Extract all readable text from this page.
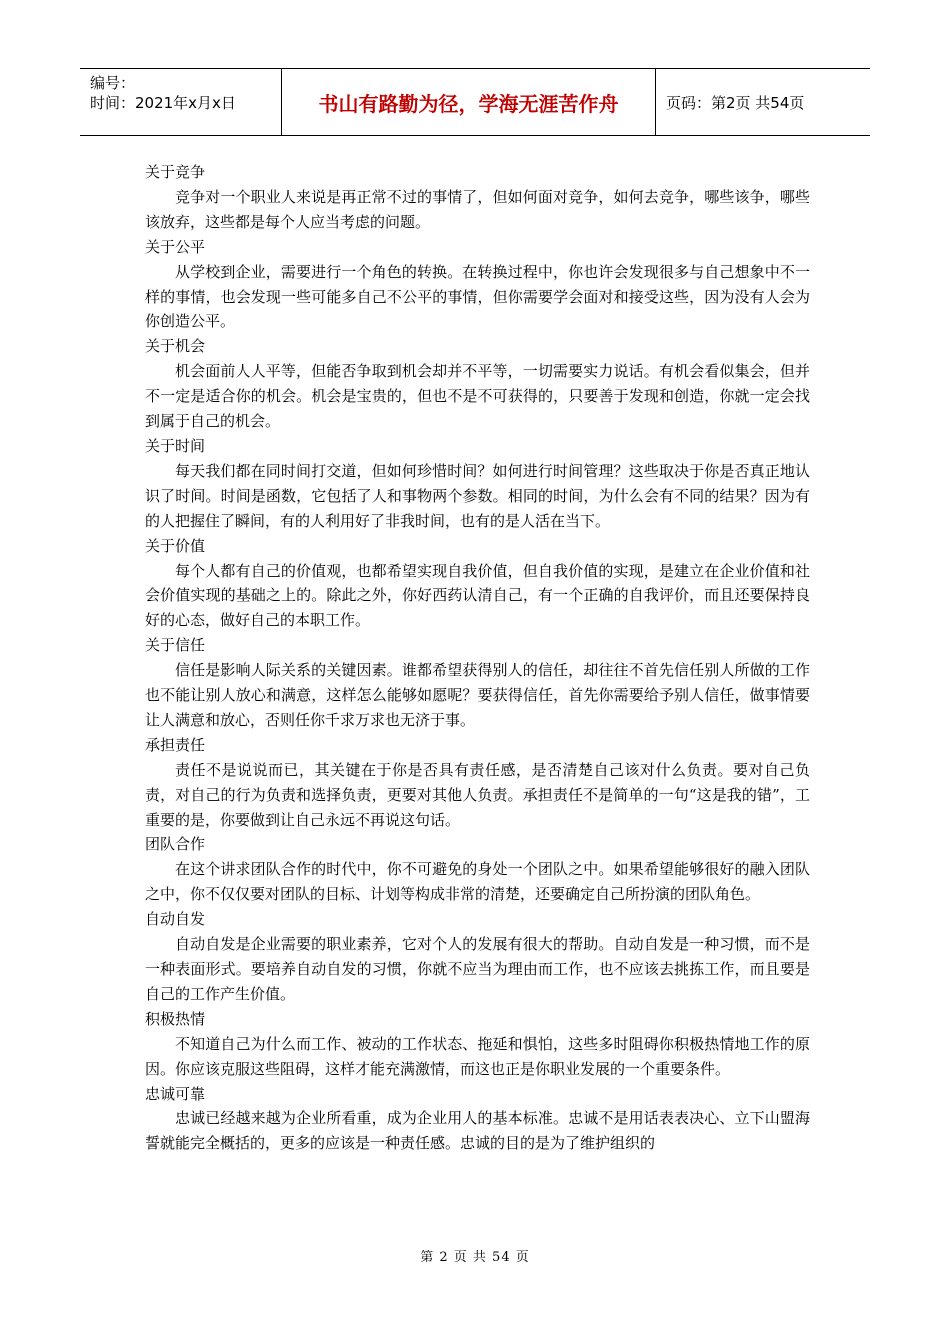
编号：
时间：2021年x月x日	书山有路勤为径，学海无涯苦作舟	页码：第2页 共54页

关于竞争

竞争对一个职业人来说是再正常不过的事情了，但如何面对竞争，如何去竞争，哪些该争，哪些该放弃，这些都是每个人应当考虑的问题。

关于公平

从学校到企业，需要进行一个角色的转换。在转换过程中，你也许会发现很多与自己想象中不一样的事情，也会发现一些可能多自己不公平的事情，但你需要学会面对和接受这些，因为没有人会为你创造公平。

关于机会

机会面前人人平等，但能否争取到机会却并不平等，一切需要实力说话。有机会看似集会，但并不一定是适合你的机会。机会是宝贵的，但也不是不可获得的，只要善于发现和创造，你就一定会找到属于自己的机会。

关于时间

每天我们都在同时间打交道，但如何珍惜时间？如何进行时间管理？这些取决于你是否真正地认识了时间。时间是函数，它包括了人和事物两个参数。相同的时间，为什么会有不同的结果？因为有的人把握住了瞬间，有的人利用好了非我时间，也有的是人活在当下。

关于价值

每个人都有自己的价值观，也都希望实现自我价值，但自我价值的实现，是建立在企业价值和社会价值实现的基础之上的。除此之外，你好西药认清自己，有一个正确的自我评价，而且还要保持良好的心态，做好自己的本职工作。

关于信任

信任是影响人际关系的关键因素。谁都希望获得别人的信任，却往往不首先信任别人所做的工作也不能让别人放心和满意，这样怎么能够如愿呢？要获得信任，首先你需要给予别人信任，做事情要让人满意和放心，否则任你千求万求也无济于事。

承担责任

责任不是说说而已，其关键在于你是否具有责任感，是否清楚自己该对什么负责。要对自己负责，对自己的行为负责和选择负责，更要对其他人负责。承担责任不是简单的一句“这是我的错”，工重要的是，你要做到让自己永远不再说这句话。

团队合作

在这个讲求团队合作的时代中，你不可避免的身处一个团队之中。如果希望能够很好的融入团队之中，你不仅仅要对团队的目标、计划等构成非常的清楚，还要确定自己所扮演的团队角色。

自动自发

自动自发是企业需要的职业素养，它对个人的发展有很大的帮助。自动自发是一种习惯，而不是一种表面形式。要培养自动自发的习惯，你就不应当为理由而工作，也不应该去挑拣工作，而且要是自己的工作产生价值。

积极热情

不知道自己为什么而工作、被动的工作状态、拖延和惧怕，这些多时阻碍你积极热情地工作的原因。你应该克服这些阻碍，这样才能充满激情，而这也正是你职业发展的一个重要条件。

忠诚可靠

忠诚已经越来越为企业所看重，成为企业用人的基本标准。忠诚不是用话表表决心、立下山盟海誓就能完全概括的，更多的应该是一种责任感。忠诚的目的是为了维护组织的

第 2 页 共 54 页
